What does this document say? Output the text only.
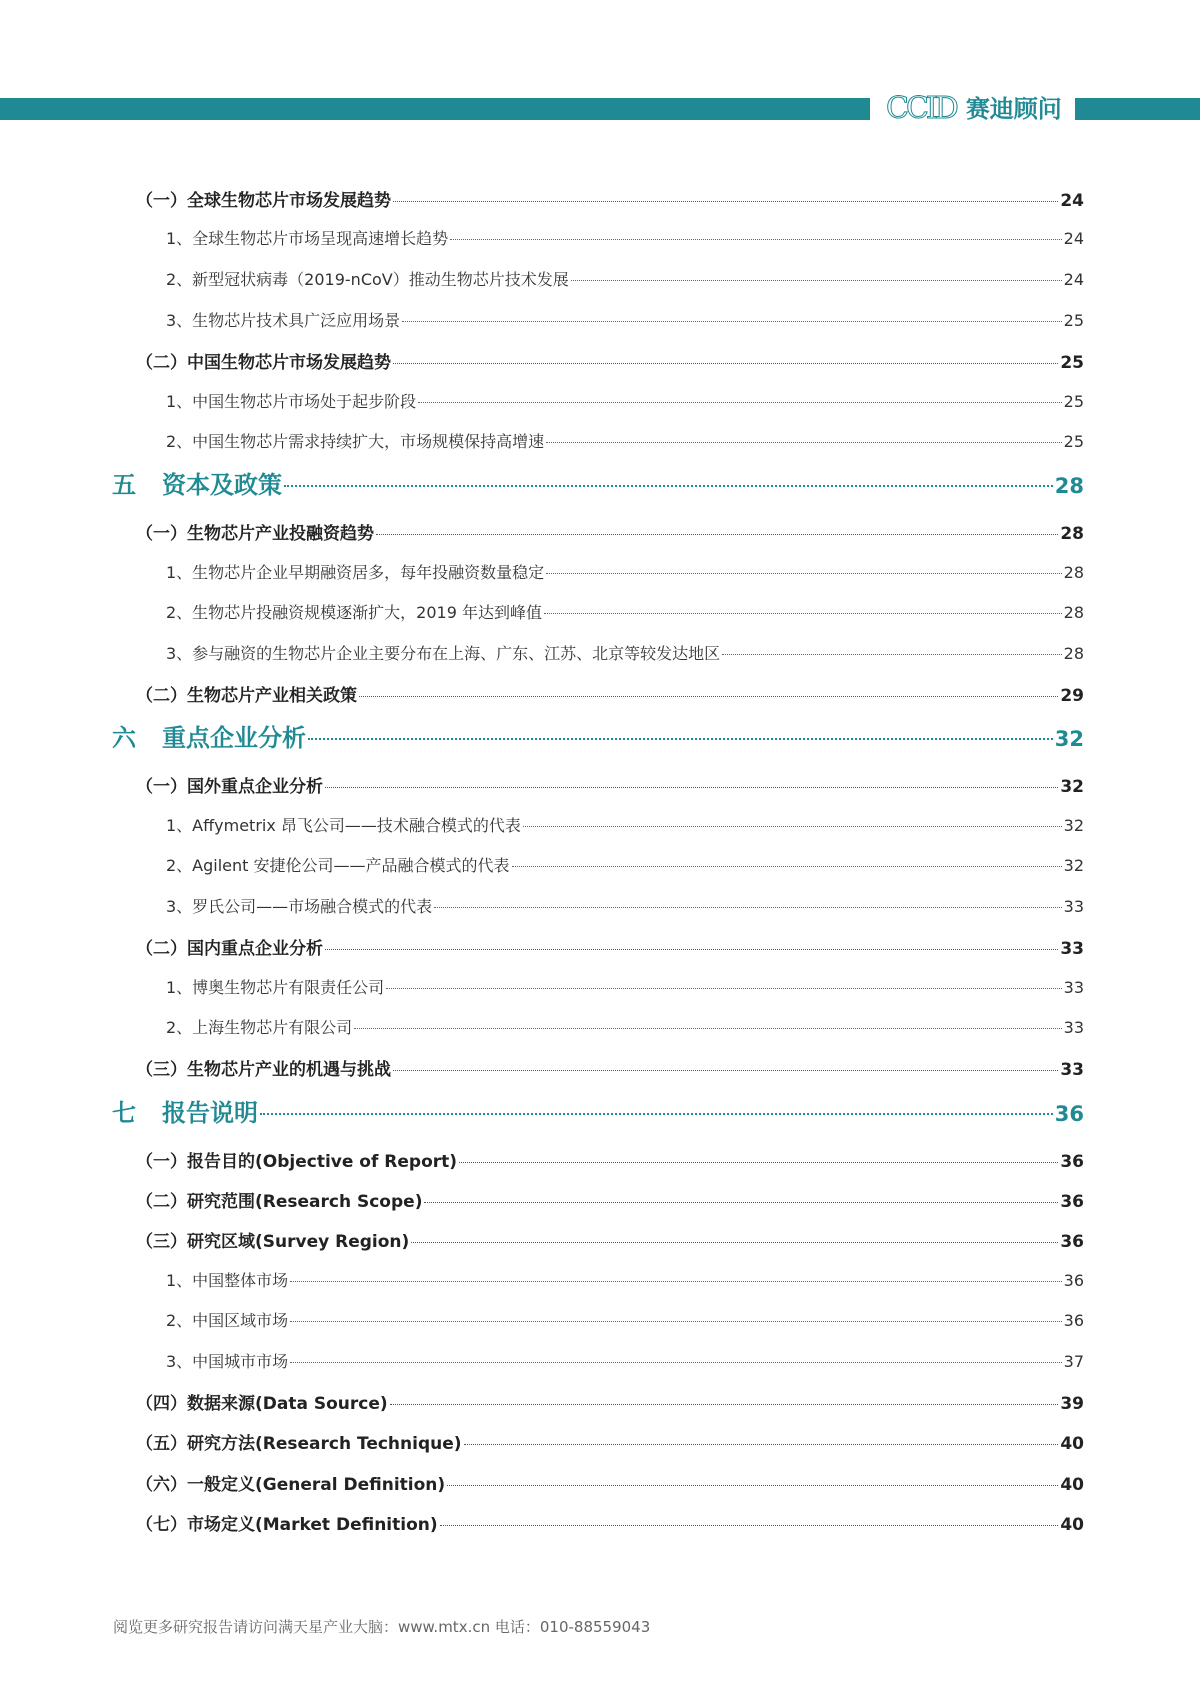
CCID 赛迪顾问
（一）全球生物芯片市场发展趋势	24
1、全球生物芯片市场呈现高速增长趋势	24
2、新型冠状病毒（2019-nCoV）推动生物芯片技术发展	24
3、生物芯片技术具广泛应用场景	25
（二）中国生物芯片市场发展趋势	25
1、中国生物芯片市场处于起步阶段	25
2、中国生物芯片需求持续扩大，市场规模保持高增速	25
五	资本及政策	28
（一）生物芯片产业投融资趋势	28
1、生物芯片企业早期融资居多，每年投融资数量稳定	28
2、生物芯片投融资规模逐渐扩大，2019 年达到峰值	28
3、参与融资的生物芯片企业主要分布在上海、广东、江苏、北京等较发达地区	28
（二）生物芯片产业相关政策	29
六	重点企业分析	32
（一）国外重点企业分析	32
1、Affymetrix 昂飞公司——技术融合模式的代表	32
2、Agilent 安捷伦公司——产品融合模式的代表	32
3、罗氏公司——市场融合模式的代表	33
（二）国内重点企业分析	33
1、博奥生物芯片有限责任公司	33
2、上海生物芯片有限公司	33
（三）生物芯片产业的机遇与挑战	33
七	报告说明	36
（一）报告目的(Objective of Report)	36
（二）研究范围(Research Scope)	36
（三）研究区域(Survey Region)	36
1、中国整体市场	36
2、中国区域市场	36
3、中国城市市场	37
（四）数据来源(Data Source)	39
（五）研究方法(Research Technique)	40
（六）一般定义(General Definition)	40
（七）市场定义(Market Definition)	40
阅览更多研究报告请访问满天星产业大脑：www.mtx.cn 电话：010-88559043
